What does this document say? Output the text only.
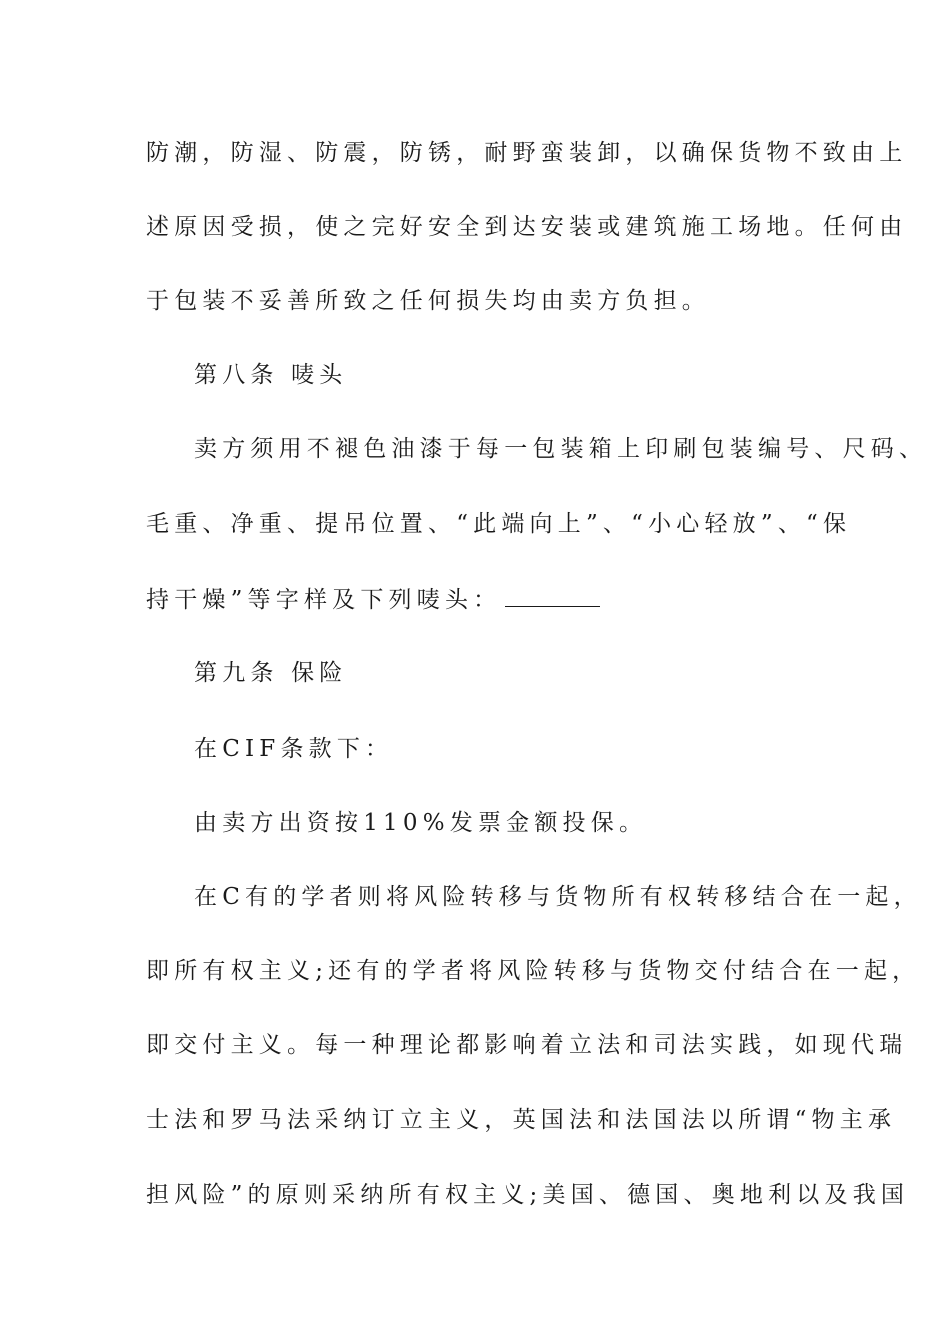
防潮，防湿、防震，防锈，耐野蛮装卸，以确保货物不致由上
述原因受损，使之完好安全到达安装或建筑施工场地。任何由
于包装不妥善所致之任何损失均由卖方负担。
第八条 唛头
卖方须用不褪色油漆于每一包装箱上印刷包装编号、尺码、
毛重、净重、提吊位置、“此端向上”、“小心轻放”、“保
持干燥”等字样及下列唛头：
第九条 保险
在CIF条款下：
由卖方出资按110%发票金额投保。
在C有的学者则将风险转移与货物所有权转移结合在一起，
即所有权主义;还有的学者将风险转移与货物交付结合在一起，
即交付主义。每一种理论都影响着立法和司法实践，如现代瑞
士法和罗马法采纳订立主义，英国法和法国法以所谓“物主承
担风险”的原则采纳所有权主义;美国、德国、奥地利以及我国
